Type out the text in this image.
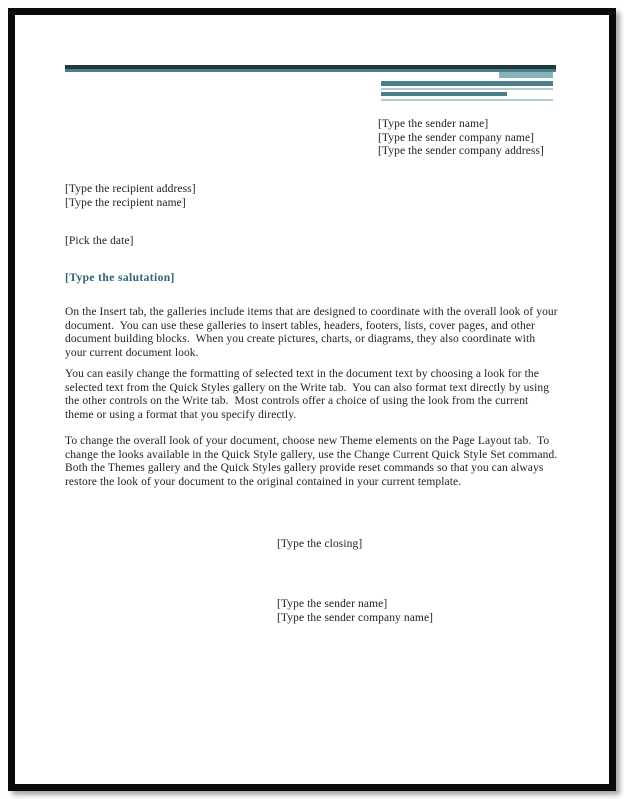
[Type the sender name]
[Type the sender company name]
[Type the sender company address]
[Type the recipient address]
[Type the recipient name]
[Pick the date]
[Type the salutation]
On the Insert tab, the galleries include items that are designed to coordinate with the overall look of your document.  You can use these galleries to insert tables, headers, footers, lists, cover pages, and other document building blocks.  When you create pictures, charts, or diagrams, they also coordinate with your current document look.
You can easily change the formatting of selected text in the document text by choosing a look for the selected text from the Quick Styles gallery on the Write tab.  You can also format text directly by using the other controls on the Write tab.  Most controls offer a choice of using the look from the current theme or using a format that you specify directly.
To change the overall look of your document, choose new Theme elements on the Page Layout tab.  To change the looks available in the Quick Style gallery, use the Change Current Quick Style Set command.  Both the Themes gallery and the Quick Styles gallery provide reset commands so that you can always restore the look of your document to the original contained in your current template.
[Type the closing]
[Type the sender name]
[Type the sender company name]
